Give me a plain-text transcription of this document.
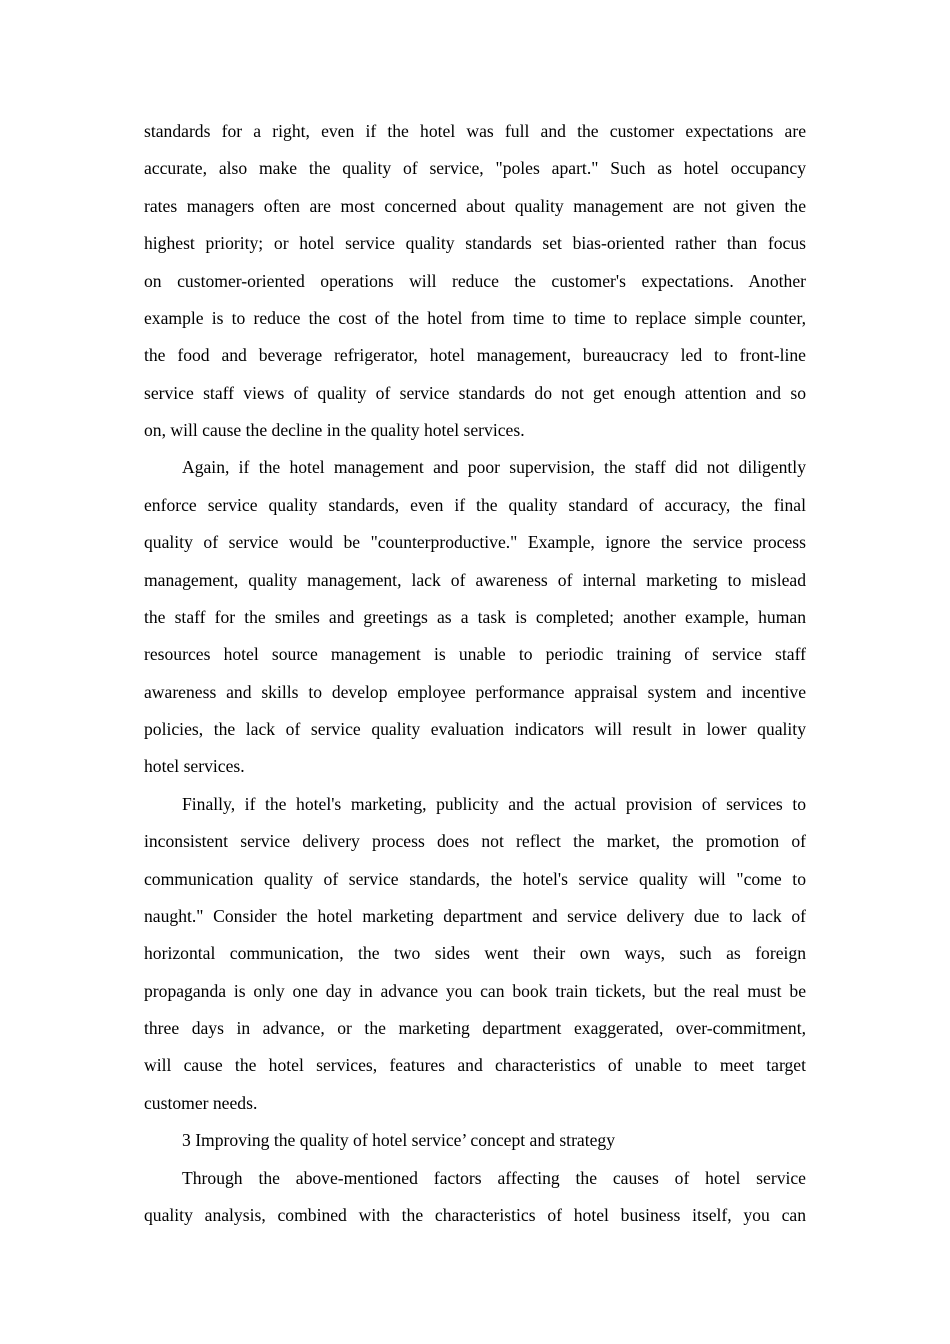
standards for a right, even if the hotel was full and the customer expectations are
accurate, also make the quality of service, "poles apart." Such as hotel occupancy
rates managers often are most concerned about quality management are not given the
highest priority; or hotel service quality standards set bias-oriented rather than focus
on customer-oriented operations will reduce the customer's expectations. Another
example is to reduce the cost of the hotel from time to time to replace simple counter,
the food and beverage refrigerator, hotel management, bureaucracy led to front-line
service staff views of quality of service standards do not get enough attention and so
on, will cause the decline in the quality hotel services.
Again, if the hotel management and poor supervision, the staff did not diligently
enforce service quality standards, even if the quality standard of accuracy, the final
quality of service would be "counterproductive." Example, ignore the service process
management, quality management, lack of awareness of internal marketing to mislead
the staff for the smiles and greetings as a task is completed; another example, human
resources hotel source management is unable to periodic training of service staff
awareness and skills to develop employee performance appraisal system and incentive
policies, the lack of service quality evaluation indicators will result in lower quality
hotel services.
Finally, if the hotel's marketing, publicity and the actual provision of services to
inconsistent service delivery process does not reflect the market, the promotion of
communication quality of service standards, the hotel's service quality will "come to
naught." Consider the hotel marketing department and service delivery due to lack of
horizontal communication, the two sides went their own ways, such as foreign
propaganda is only one day in advance you can book train tickets, but the real must be
three days in advance, or the marketing department exaggerated, over-commitment,
will cause the hotel services, features and characteristics of unable to meet target
customer needs.
3 Improving the quality of hotel service’ concept and strategy
Through the above-mentioned factors affecting the causes of hotel service
quality analysis, combined with the characteristics of hotel business itself, you can
